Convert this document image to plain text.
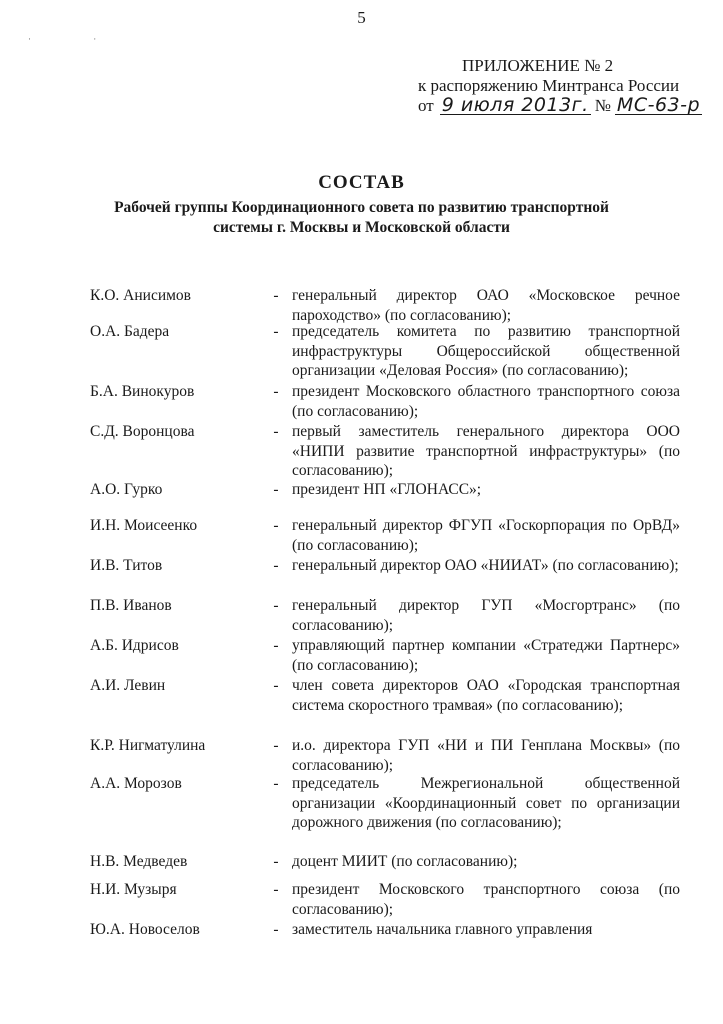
5
· ·
ПРИЛОЖЕНИЕ № 2
к распоряжению Минтранса России
от 9 июля 2013г. № МС-63-р
СОСТАВ
Рабочей группы Координационного совета по развитию транспортной
системы г. Москвы и Московской области
К.О. Анисимов	- генеральный директор ОАО «Московское речное пароходство» (по согласованию);
О.А. Бадера	- председатель комитета по развитию транспортной инфраструктуры Общероссийской общественной организации «Деловая Россия» (по согласованию);
Б.А. Винокуров	- президент Московского областного транспортного союза (по согласованию);
С.Д. Воронцова	- первый заместитель генерального директора ООО «НИПИ развитие транспортной инфраструктуры» (по согласованию);
А.О. Гурко	- президент НП «ГЛОНАСС»;
И.Н. Моисеенко	- генеральный директор ФГУП «Госкорпорация по ОрВД» (по согласованию);
И.В. Титов	- генеральный директор ОАО «НИИАТ» (по согласованию);
П.В. Иванов	- генеральный директор ГУП «Мосгортранс» (по согласованию);
А.Б. Идрисов	- управляющий партнер компании «Стратеджи Партнерс» (по согласованию);
А.И. Левин	- член совета директоров ОАО «Городская транспортная система скоростного трамвая» (по согласованию);
К.Р. Нигматулина	- и.о. директора ГУП «НИ и ПИ Генплана Москвы» (по согласованию);
А.А. Морозов	- председатель Межрегиональной общественной организации «Координационный совет по организации дорожного движения (по согласованию);
Н.В. Медведев	- доцент МИИТ (по согласованию);
Н.И. Музыря	- президент Московского транспортного союза (по согласованию);
Ю.А. Новоселов	- заместитель начальника главного управления
